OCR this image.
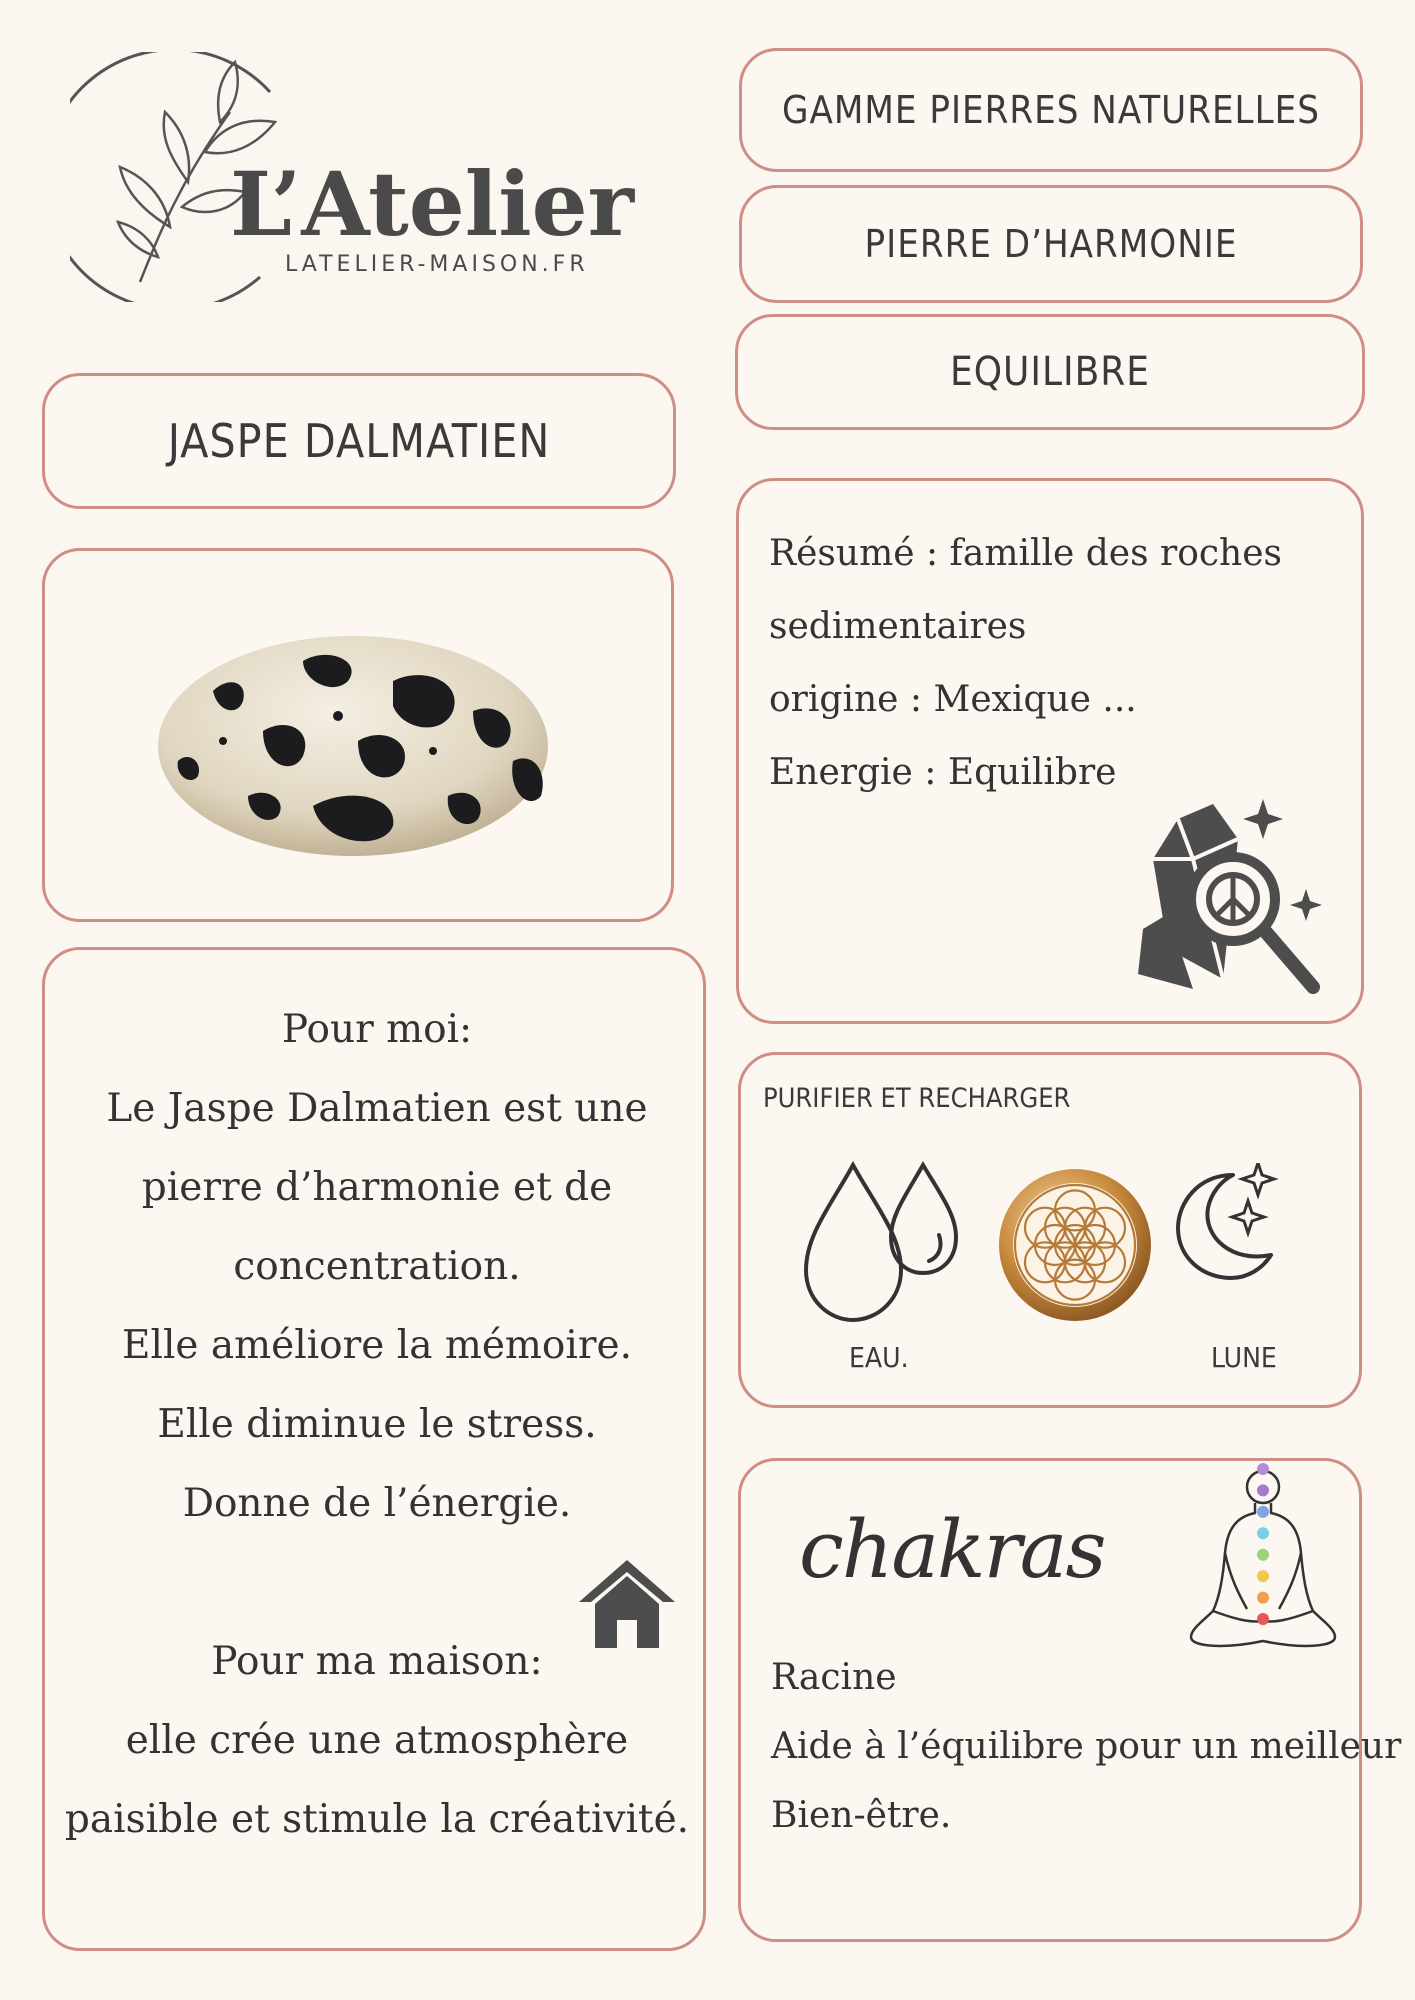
L’Atelier
LATELIER-MAISON.FR
GAMME PIERRES NATURELLES
PIERRE D’HARMONIE
EQUILIBRE
JASPE DALMATIEN
Résumé : famille des roches
sedimentaires
origine : Mexique ...
Energie : Equilibre
Pour moi:
Le Jaspe Dalmatien est une
pierre d’harmonie et de
concentration.
Elle améliore la mémoire.
Elle diminue le stress.
Donne de l’énergie.
Pour ma maison:
elle crée une atmosphère
paisible et stimule la créativité.
PURIFIER ET RECHARGER
EAU.	LUNE
chakras
Racine
Aide à l’équilibre pour un meilleur
Bien-être.
